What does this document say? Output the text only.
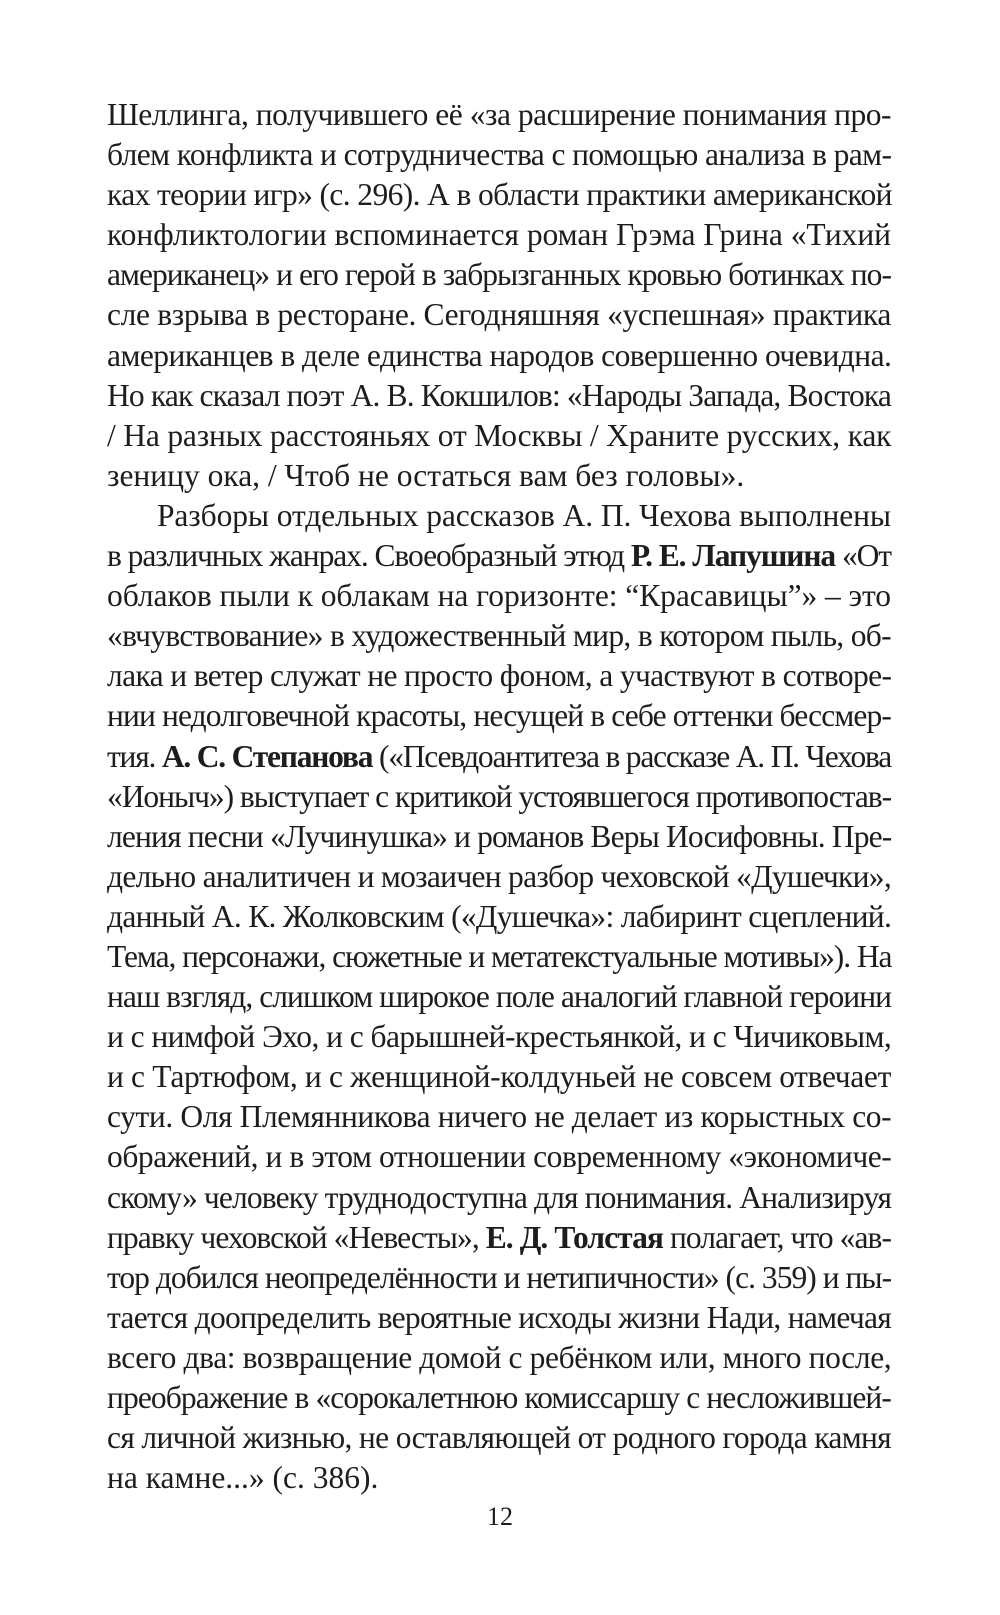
Шеллинга, получившего её «за расширение понимания про-
блем конфликта и сотрудничества с помощью анализа в рам-
ках теории игр» (с. 296). А в области практики американской
конфликтологии вспоминается роман Грэма Грина «Тихий
американец» и его герой в забрызганных кровью ботинках по-
сле взрыва в ресторане. Сегодняшняя «успешная» практика
американцев в деле единства народов совершенно очевидна.
Но как сказал поэт А. В. Кокшилов: «Народы Запада, Востока
/ На разных расстояньях от Москвы / Храните русских, как
зеницу ока, / Чтоб не остаться вам без головы».
Разборы отдельных рассказов А. П. Чехова выполнены
в различных жанрах. Своеобразный этюд Р. Е. Лапушина «От
облаков пыли к облакам на горизонте: “Красавицы”» – это
«вчувствование» в художественный мир, в котором пыль, об-
лака и ветер служат не просто фоном, а участвуют в сотворе-
нии недолговечной красоты, несущей в себе оттенки бессмер-
тия. А. С. Степанова («Псевдоантитеза в рассказе А. П. Чехова
«Ионыч») выступает с критикой устоявшегося противопостав-
ления песни «Лучинушка» и романов Веры Иосифовны. Пре-
дельно аналитичен и мозаичен разбор чеховской «Душечки»,
данный А. К. Жолковским («Душечка»: лабиринт сцеплений.
Тема, персонажи, сюжетные и метатекстуальные мотивы»). На
наш взгляд, слишком широкое поле аналогий главной героини
и с нимфой Эхо, и с барышней-крестьянкой, и с Чичиковым,
и с Тартюфом, и с женщиной-колдуньей не совсем отвечает
сути. Оля Племянникова ничего не делает из корыстных со-
ображений, и в этом отношении современному «экономиче-
скому» человеку труднодоступна для понимания. Анализируя
правку чеховской «Невесты», Е. Д. Толстая полагает, что «ав-
тор добился неопределённости и нетипичности» (с. 359) и пы-
тается доопределить вероятные исходы жизни Нади, намечая
всего два: возвращение домой с ребёнком или, много после,
преображение в «сорокалетнюю комиссаршу с несложившей-
ся личной жизнью, не оставляющей от родного города камня
на камне...» (с. 386).
12
